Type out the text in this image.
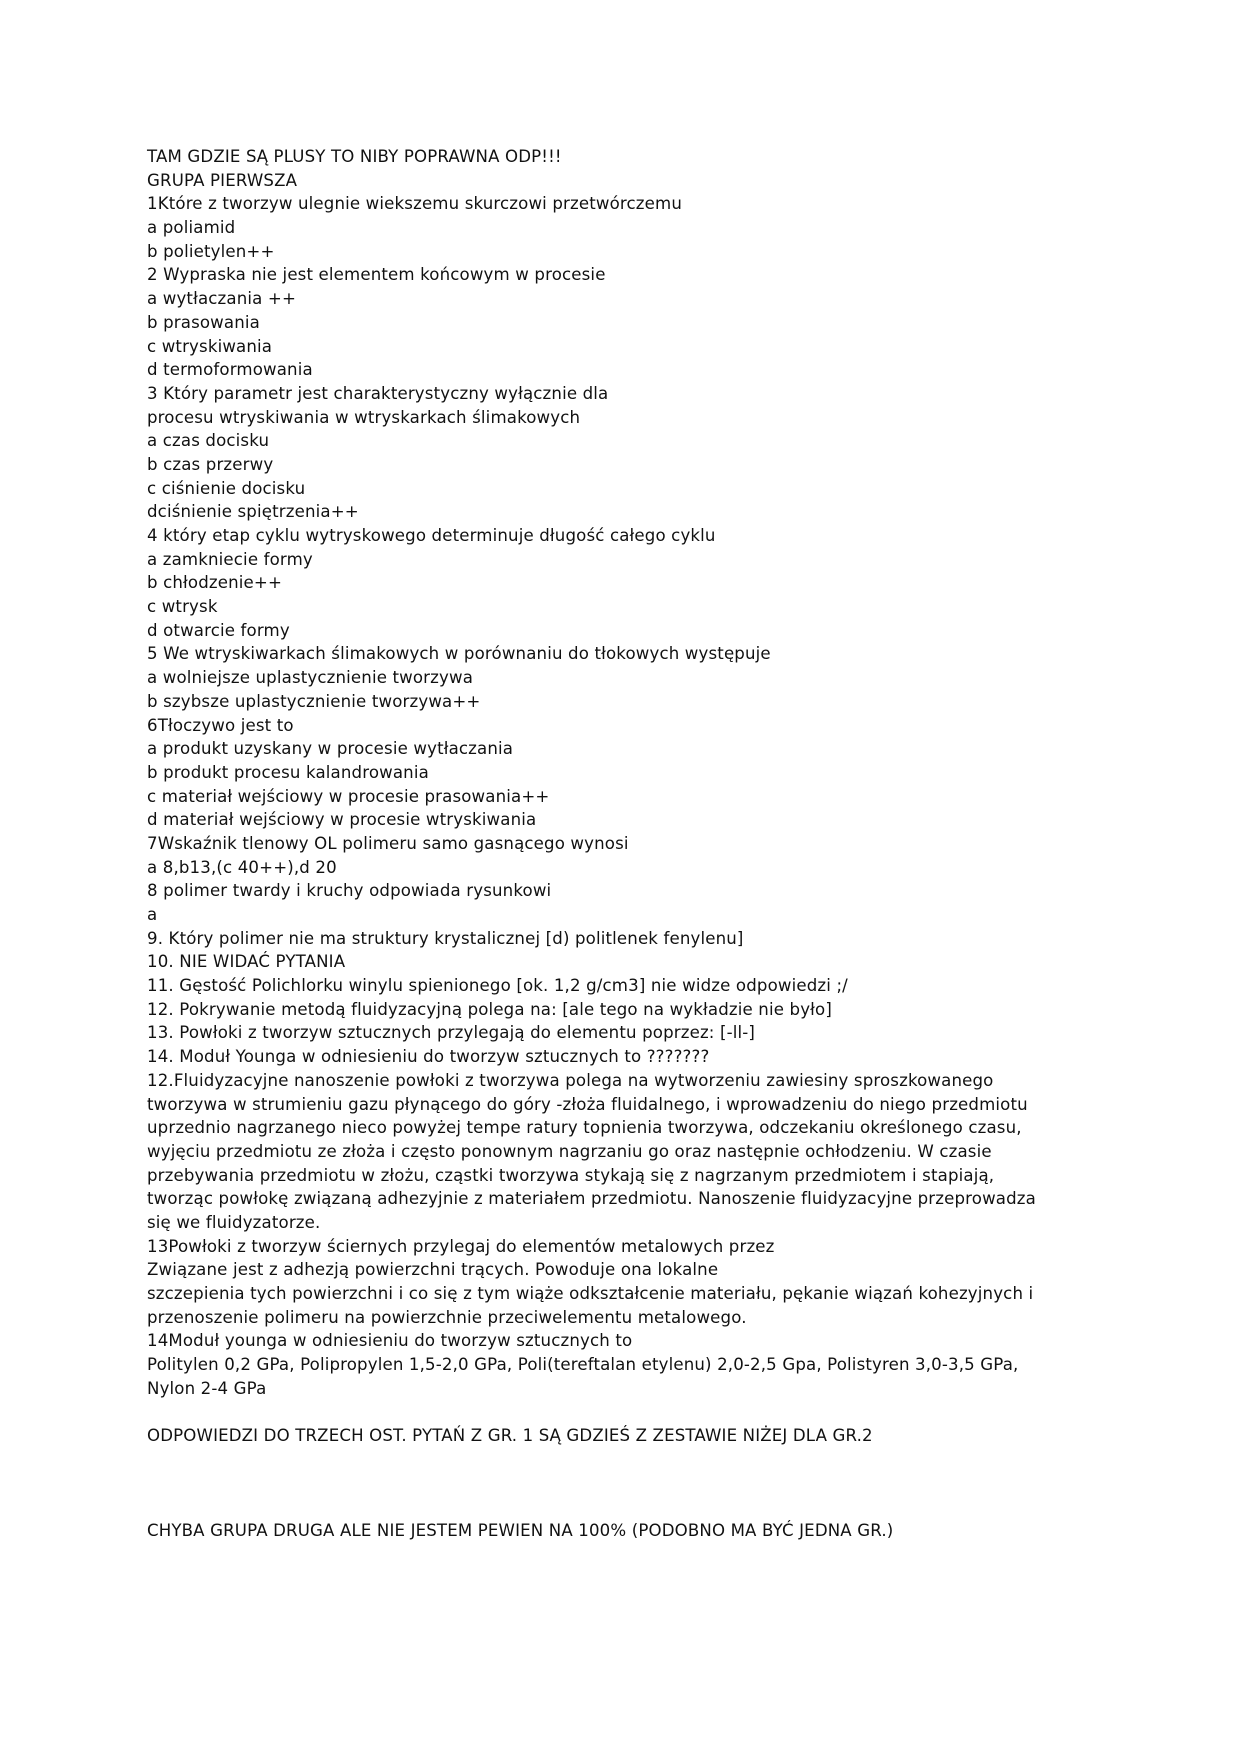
TAM GDZIE SĄ PLUSY TO NIBY POPRAWNA ODP!!!
GRUPA PIERWSZA
1Które z tworzyw ulegnie wiekszemu skurczowi przetwórczemu
a poliamid
b polietylen++
2 Wypraska nie jest elementem końcowym w procesie
a wytłaczania ++
b prasowania
c wtryskiwania
d termoformowania
3 Który parametr jest charakterystyczny wyłącznie dla
procesu wtryskiwania w wtryskarkach ślimakowych
a czas docisku
b czas przerwy
c ciśnienie docisku
dciśnienie spiętrzenia++
4 który etap cyklu wytryskowego determinuje długość całego cyklu
a zamkniecie formy
b chłodzenie++
c wtrysk
d otwarcie formy
5 We wtryskiwarkach ślimakowych w porównaniu do tłokowych występuje
a wolniejsze uplastycznienie tworzywa
b szybsze uplastycznienie tworzywa++
6Tłoczywo jest to
a produkt uzyskany w procesie wytłaczania
b produkt procesu kalandrowania
c materiał wejściowy w procesie prasowania++
d materiał wejściowy w procesie wtryskiwania
7Wskaźnik tlenowy OL polimeru samo gasnącego wynosi
a 8,b13,(c 40++),d 20
8 polimer twardy i kruchy odpowiada rysunkowi
a
9. Który polimer nie ma struktury krystalicznej [d) politlenek fenylenu]
10. NIE WIDAĆ PYTANIA
11. Gęstość Polichlorku winylu spienionego [ok. 1,2 g/cm3] nie widze odpowiedzi ;/
12. Pokrywanie metodą fluidyzacyjną polega na: [ale tego na wykładzie nie było]
13. Powłoki z tworzyw sztucznych przylegają do elementu poprzez: [-ll-]
14. Moduł Younga w odniesieniu do tworzyw sztucznych to ???????
12.Fluidyzacyjne nanoszenie powłoki z tworzywa polega na wytworzeniu zawiesiny sproszkowanego
tworzywa w strumieniu gazu płynącego do góry -złoża fluidalnego, i wprowadzeniu do niego przedmiotu
uprzednio nagrzanego nieco powyżej tempe ratury topnienia tworzywa, odczekaniu określonego czasu,
wyjęciu przedmiotu ze złoża i często ponownym nagrzaniu go oraz następnie ochłodzeniu. W czasie
przebywania przedmiotu w złożu, cząstki tworzywa stykają się z nagrzanym przedmiotem i stapiają,
tworząc powłokę związaną adhezyjnie z materiałem przedmiotu. Nanoszenie fluidyzacyjne przeprowadza
się we fluidyzatorze.
13Powłoki z tworzyw ściernych przylegaj do elementów metalowych przez
Związane jest z adhezją powierzchni trących. Powoduje ona lokalne
szczepienia tych powierzchni i co się z tym wiąże odkształcenie materiału, pękanie wiązań kohezyjnych i
przenoszenie polimeru na powierzchnie przeciwelementu metalowego.
14Moduł younga w odniesieniu do tworzyw sztucznych to
Politylen 0,2 GPa, Polipropylen 1,5-2,0 GPa, Poli(tereftalan etylenu) 2,0-2,5 Gpa, Polistyren 3,0-3,5 GPa,
Nylon 2-4 GPa
ODPOWIEDZI DO TRZECH OST. PYTAŃ Z GR. 1 SĄ GDZIEŚ Z ZESTAWIE NIŻEJ DLA GR.2
CHYBA GRUPA DRUGA ALE NIE JESTEM PEWIEN NA 100% (PODOBNO MA BYĆ JEDNA GR.)
